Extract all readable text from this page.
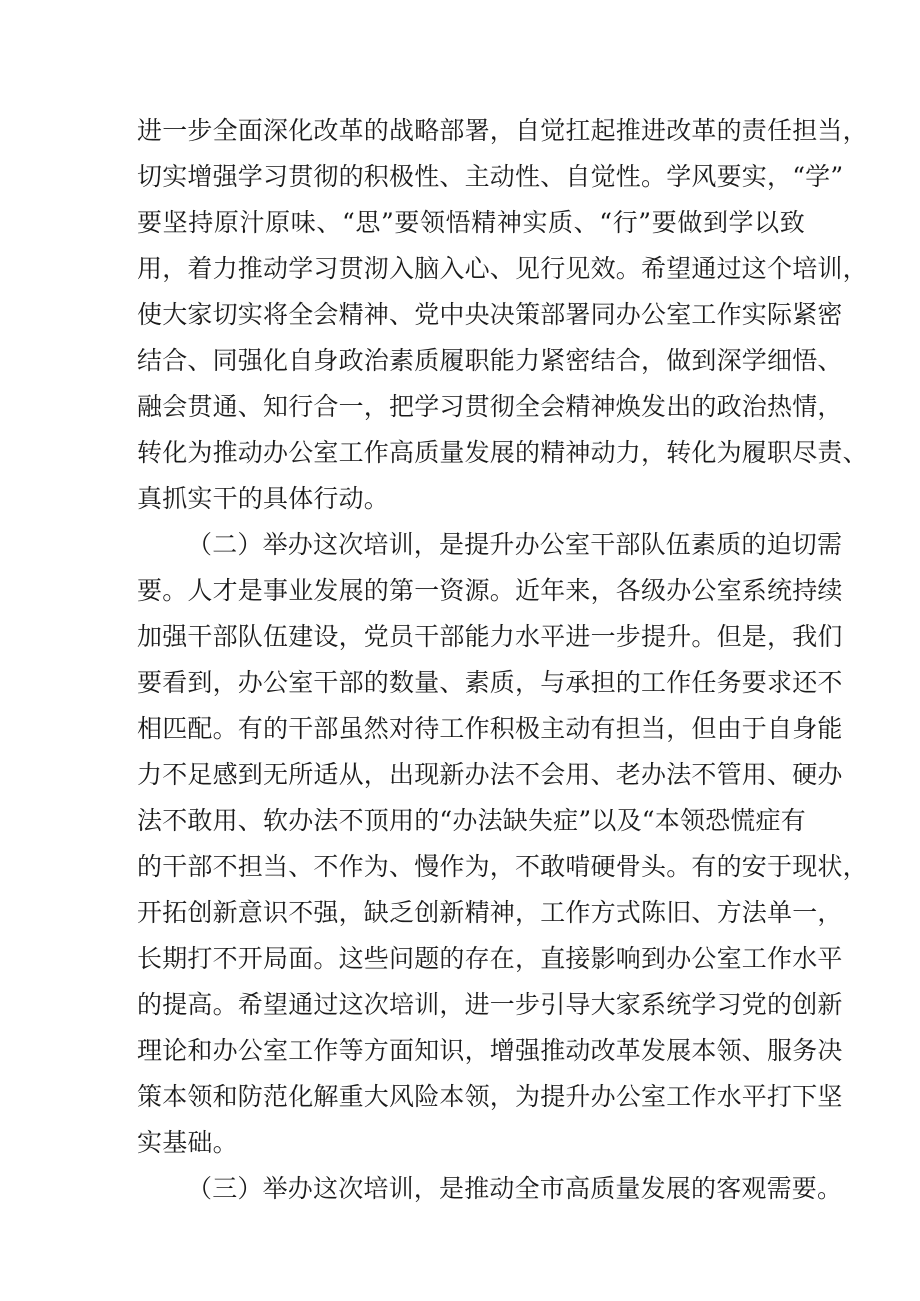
进一步全面深化改革的战略部署，自觉扛起推进改革的责任担当，
切实增强学习贯彻的积极性、主动性、自觉性。学风要实，“学”
要坚持原汁原味、“思”要领悟精神实质、“行”要做到学以致
用，着力推动学习贯沏入脑入心、见行见效。希望通过这个培训，
使大家切实将全会精神、党中央决策部署同办公室工作实际紧密
结合、同强化自身政治素质履职能力紧密结合，做到深学细悟、
融会贯通、知行合一，把学习贯彻全会精神焕发出的政治热情，
转化为推动办公室工作高质量发展的精神动力，转化为履职尽责、
真抓实干的具体行动。
（二）举办这次培训，是提升办公室干部队伍素质的迫切需
要。人才是事业发展的第一资源。近年来，各级办公室系统持续
加强干部队伍建设，党员干部能力水平进一步提升。但是，我们
要看到，办公室干部的数量、素质，与承担的工作任务要求还不
相匹配。有的干部虽然对待工作积极主动有担当，但由于自身能
力不足感到无所适从，出现新办法不会用、老办法不管用、硬办
法不敢用、软办法不顶用的“办法缺失症”以及“本领恐慌症有
的干部不担当、不作为、慢作为，不敢啃硬骨头。有的安于现状，
开拓创新意识不强，缺乏创新精神，工作方式陈旧、方法单一，
长期打不开局面。这些问题的存在，直接影响到办公室工作水平
的提高。希望通过这次培训，进一步引导大家系统学习党的创新
理论和办公室工作等方面知识，增强推动改革发展本领、服务决
策本领和防范化解重大风险本领，为提升办公室工作水平打下坚
实基础。
（三）举办这次培训，是推动全市高质量发展的客观需要。
